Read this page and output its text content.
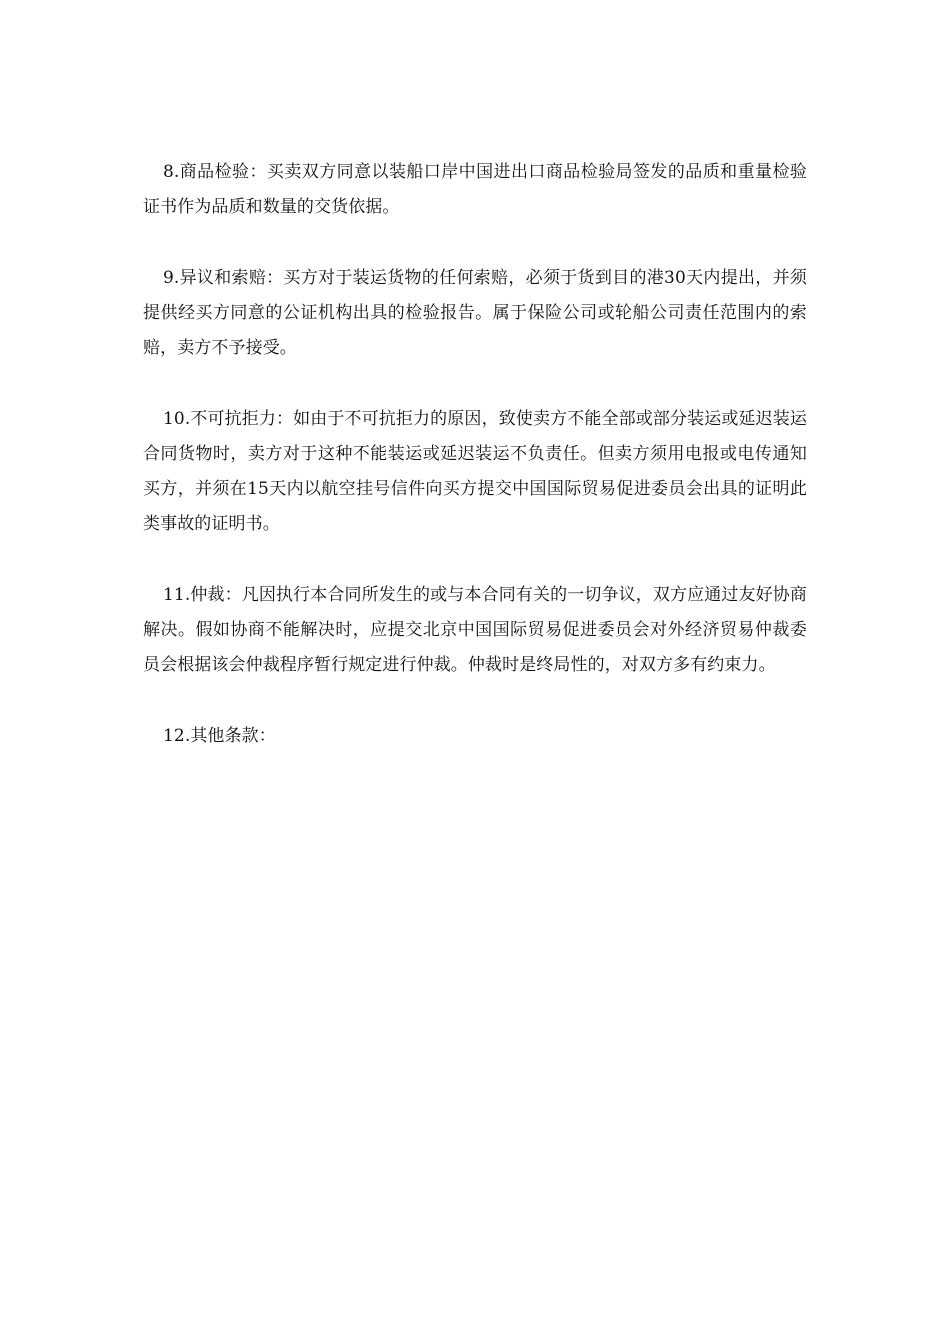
8.商品检验：买卖双方同意以装船口岸中国进出口商品检验局签发的品质和重量检验证书作为品质和数量的交货依据。

9.异议和索赔：买方对于装运货物的任何索赔，必须于货到目的港30天内提出，并须提供经买方同意的公证机构出具的检验报告。属于保险公司或轮船公司责任范围内的索赔，卖方不予接受。

10.不可抗拒力：如由于不可抗拒力的原因，致使卖方不能全部或部分装运或延迟装运合同货物时，卖方对于这种不能装运或延迟装运不负责任。但卖方须用电报或电传通知买方，并须在15天内以航空挂号信件向买方提交中国国际贸易促进委员会出具的证明此类事故的证明书。

11.仲裁：凡因执行本合同所发生的或与本合同有关的一切争议，双方应通过友好协商解决。假如协商不能解决时，应提交北京中国国际贸易促进委员会对外经济贸易仲裁委员会根据该会仲裁程序暂行规定进行仲裁。仲裁时是终局性的，对双方多有约束力。

12.其他条款：
